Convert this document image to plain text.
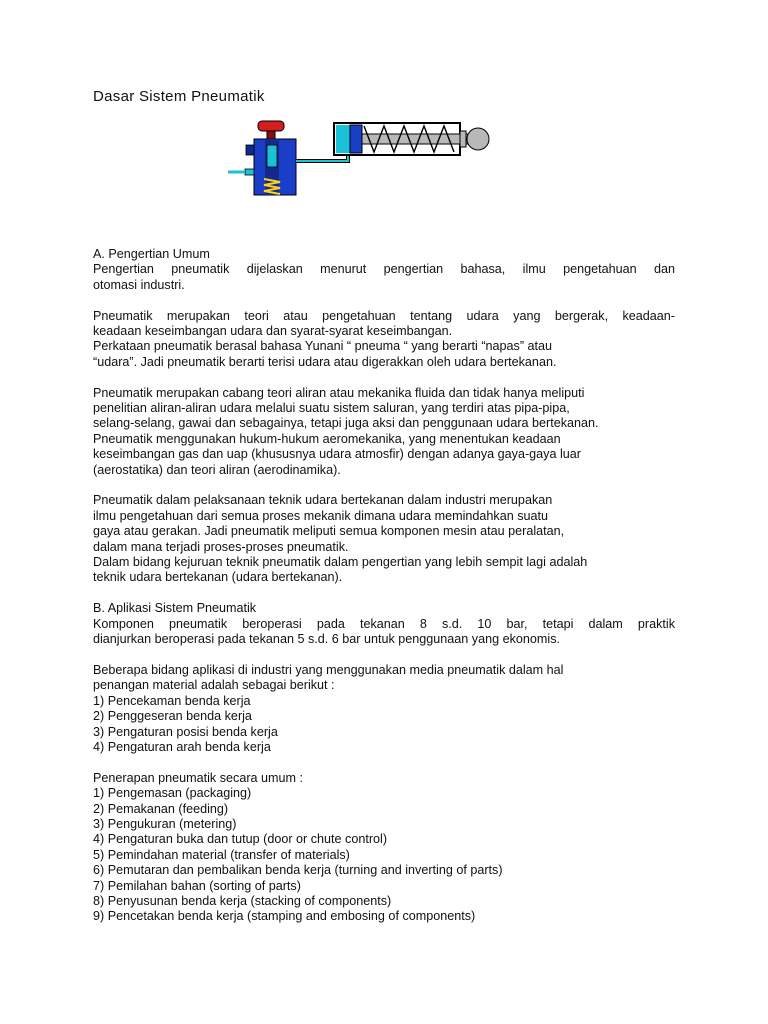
Dasar Sistem Pneumatik
A. Pengertian Umum
Pengertian pneumatik dijelaskan menurut pengertian bahasa, ilmu pengetahuan dan
otomasi industri.
Pneumatik merupakan teori atau pengetahuan tentang udara yang bergerak, keadaan-
keadaan keseimbangan udara dan syarat-syarat keseimbangan.
Perkataan pneumatik berasal bahasa Yunani “ pneuma “ yang berarti “napas” atau
“udara”. Jadi pneumatik berarti terisi udara atau digerakkan oleh udara bertekanan.
Pneumatik merupakan cabang teori aliran atau mekanika fluida dan tidak hanya meliputi
penelitian aliran-aliran udara melalui suatu sistem saluran, yang terdiri atas pipa-pipa,
selang-selang, gawai dan sebagainya, tetapi juga aksi dan penggunaan udara bertekanan.
Pneumatik menggunakan hukum-hukum aeromekanika, yang menentukan keadaan
keseimbangan gas dan uap (khususnya udara atmosfir) dengan adanya gaya-gaya luar
(aerostatika) dan teori aliran (aerodinamika).
Pneumatik dalam pelaksanaan teknik udara bertekanan dalam industri merupakan
ilmu pengetahuan dari semua proses mekanik dimana udara memindahkan suatu
gaya atau gerakan. Jadi pneumatik meliputi semua komponen mesin atau peralatan,
dalam mana terjadi proses-proses pneumatik.
Dalam bidang kejuruan teknik pneumatik dalam pengertian yang lebih sempit lagi adalah
teknik udara bertekanan (udara bertekanan).
B. Aplikasi Sistem Pneumatik
Komponen pneumatik beroperasi pada tekanan 8 s.d. 10 bar, tetapi dalam praktik
dianjurkan beroperasi pada tekanan 5 s.d. 6 bar untuk penggunaan yang ekonomis.
Beberapa bidang aplikasi di industri yang menggunakan media pneumatik dalam hal
penangan material adalah sebagai berikut :
1) Pencekaman benda kerja
2) Penggeseran benda kerja
3) Pengaturan posisi benda kerja
4) Pengaturan arah benda kerja
Penerapan pneumatik secara umum :
1) Pengemasan (packaging)
2) Pemakanan (feeding)
3) Pengukuran (metering)
4) Pengaturan buka dan tutup (door or chute control)
5) Pemindahan material (transfer of materials)
6) Pemutaran dan pembalikan benda kerja (turning and inverting of parts)
7) Pemilahan bahan (sorting of parts)
8) Penyusunan benda kerja (stacking of components)
9) Pencetakan benda kerja (stamping and embosing of components)
